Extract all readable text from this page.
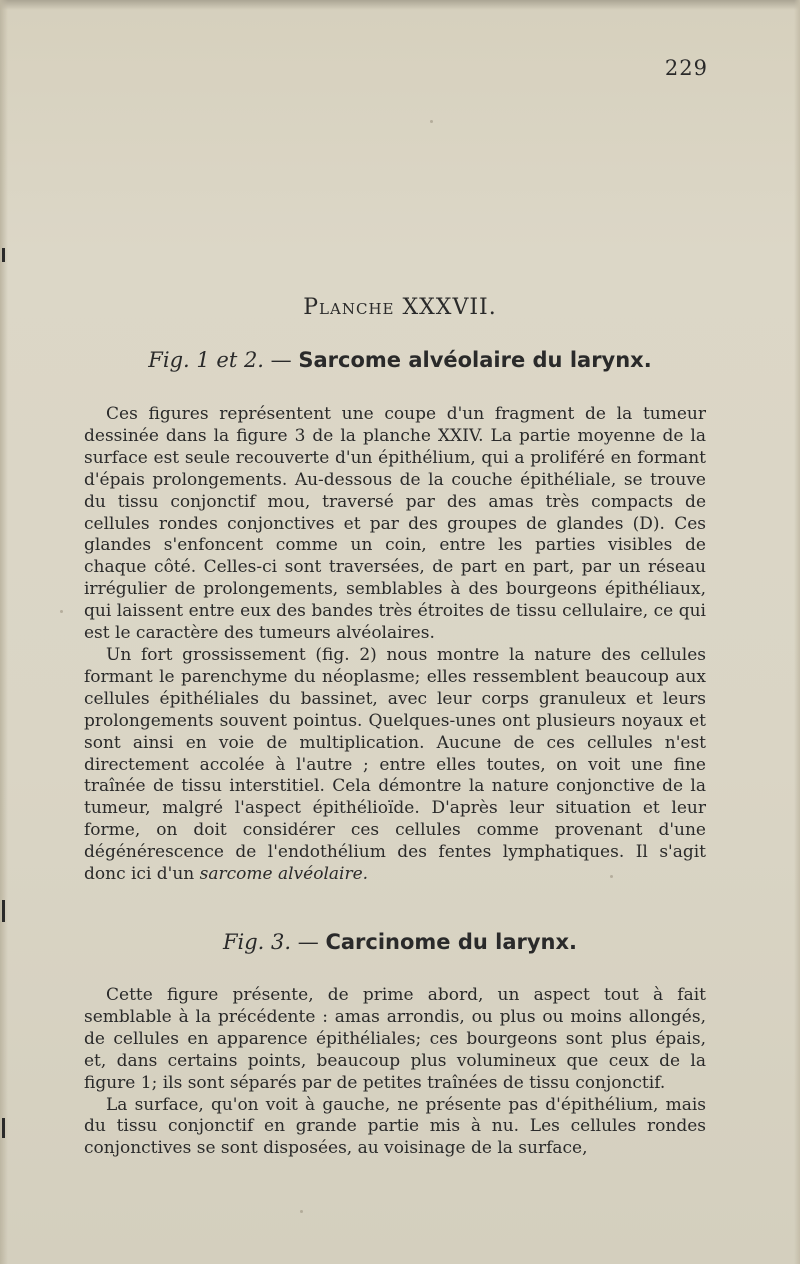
229
Planche XXXVII.
Fig. 1 et 2. — Sarcome alvéolaire du larynx.

Ces figures représentent une coupe d'un fragment de la tumeur dessinée dans la figure 3 de la planche XXIV. La partie moyenne de la surface est seule recouverte d'un épithélium, qui a proliféré en formant d'épais prolongements. Au-dessous de la couche épithéliale, se trouve du tissu conjonctif mou, traversé par des amas très compacts de cellules rondes conjonctives et par des groupes de glandes (D). Ces glandes s'enfoncent comme un coin, entre les parties visibles de chaque côté. Celles-ci sont traversées, de part en part, par un réseau irrégulier de prolongements, semblables à des bourgeons épithéliaux, qui laissent entre eux des bandes très étroites de tissu cellulaire, ce qui est le caractère des tumeurs alvéolaires.

Un fort grossissement (fig. 2) nous montre la nature des cellules formant le parenchyme du néoplasme; elles ressemblent beaucoup aux cellules épithéliales du bassinet, avec leur corps granuleux et leurs prolongements souvent pointus. Quelques-unes ont plusieurs noyaux et sont ainsi en voie de multiplication. Aucune de ces cellules n'est directement accolée à l'autre ; entre elles toutes, on voit une fine traînée de tissu interstitiel. Cela démontre la nature conjonctive de la tumeur, malgré l'aspect épithélioïde. D'après leur situation et leur forme, on doit considérer ces cellules comme provenant d'une dégénérescence de l'endothélium des fentes lymphatiques. Il s'agit donc ici d'un sarcome alvéolaire.

Fig. 3. — Carcinome du larynx.

Cette figure présente, de prime abord, un aspect tout à fait semblable à la précédente : amas arrondis, ou plus ou moins allongés, de cellules en apparence épithéliales; ces bourgeons sont plus épais, et, dans certains points, beaucoup plus volumineux que ceux de la figure 1; ils sont séparés par de petites traînées de tissu conjonctif.

La surface, qu'on voit à gauche, ne présente pas d'épithélium, mais du tissu conjonctif en grande partie mis à nu. Les cellules rondes conjonctives se sont disposées, au voisinage de la surface,
